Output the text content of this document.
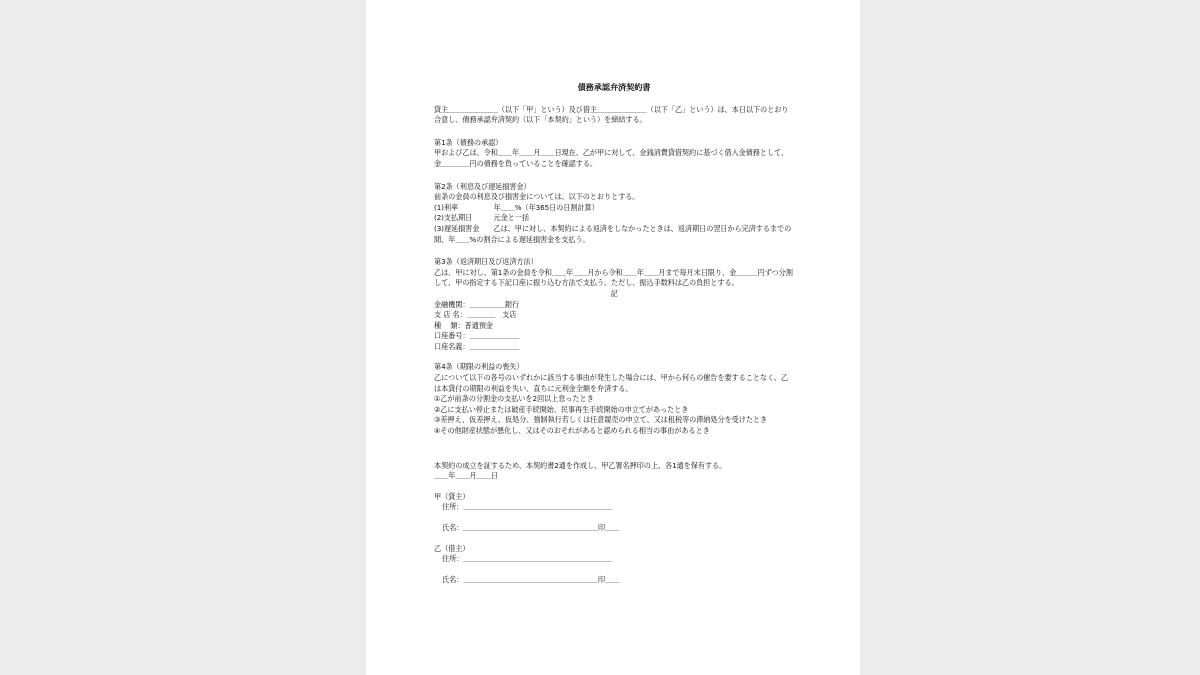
債務承認弁済契約書

貸主＿＿＿＿＿＿＿（以下「甲」という）及び借主＿＿＿＿＿＿＿（以下「乙」という）は、本日以下のとおり合意し、債務承認弁済契約（以下「本契約」という）を締結する。

第1条（債務の承認）

甲および乙は、令和＿＿年＿＿月＿＿日現在、乙が甲に対して、金銭消費貸借契約に基づく借入金債務として、金＿＿＿＿円の債務を負っていることを確認する。

第2条（利息及び遅延損害金）

前条の金員の利息及び損害金については、以下のとおりとする。

(1)利率　　　　　年＿＿%（年365日の日割計算）

(2)支払期日　　　元金と一括

(3)遅延損害金　　乙は、甲に対し、本契約による返済をしなかったときは、返済期日の翌日から完済するまでの間、年＿＿%の割合による遅延損害金を支払う。

第3条（返済期日及び返済方法）

乙は、甲に対し、第1条の金員を令和＿＿年＿＿月から令和＿＿年＿＿月まで毎月末日限り、金＿＿＿円ずつ分割して、甲の指定する下記口座に振り込む方法で支払う。ただし、振込手数料は乙の負担とする。

記

金融機関：＿＿＿＿＿銀行

支 店 名：＿＿＿＿　支店

種　 類：普通預金

口座番号：＿＿＿＿＿＿＿

口座名義：＿＿＿＿＿＿＿

第4条（期限の利益の喪失）

乙について以下の各号のいずれかに該当する事由が発生した場合には、甲から何らの催告を要することなく、乙は本貸付の期限の利益を失い、直ちに元利金全額を弁済する。

①乙が前条の分割金の支払いを2回以上怠ったとき

②乙に支払い停止または破産手続開始、民事再生手続開始の申立てがあったとき

③差押え、仮差押え、仮処分、強制執行若しくは任意競売の申立て、又は租税等の滞納処分を受けたとき

④その他財産状態が悪化し、又はそのおそれがあると認められる相当の事由があるとき

本契約の成立を証するため、本契約書2通を作成し、甲乙署名押印の上、各1通を保有する。

＿＿年＿＿月＿＿日

甲（貸主）

住所：＿＿＿＿＿＿＿＿＿＿＿＿＿＿＿＿＿＿＿＿＿

氏名：＿＿＿＿＿＿＿＿＿＿＿＿＿＿＿＿＿＿＿印＿＿

乙（借主）

住所：＿＿＿＿＿＿＿＿＿＿＿＿＿＿＿＿＿＿＿＿＿

氏名：＿＿＿＿＿＿＿＿＿＿＿＿＿＿＿＿＿＿＿印＿＿
